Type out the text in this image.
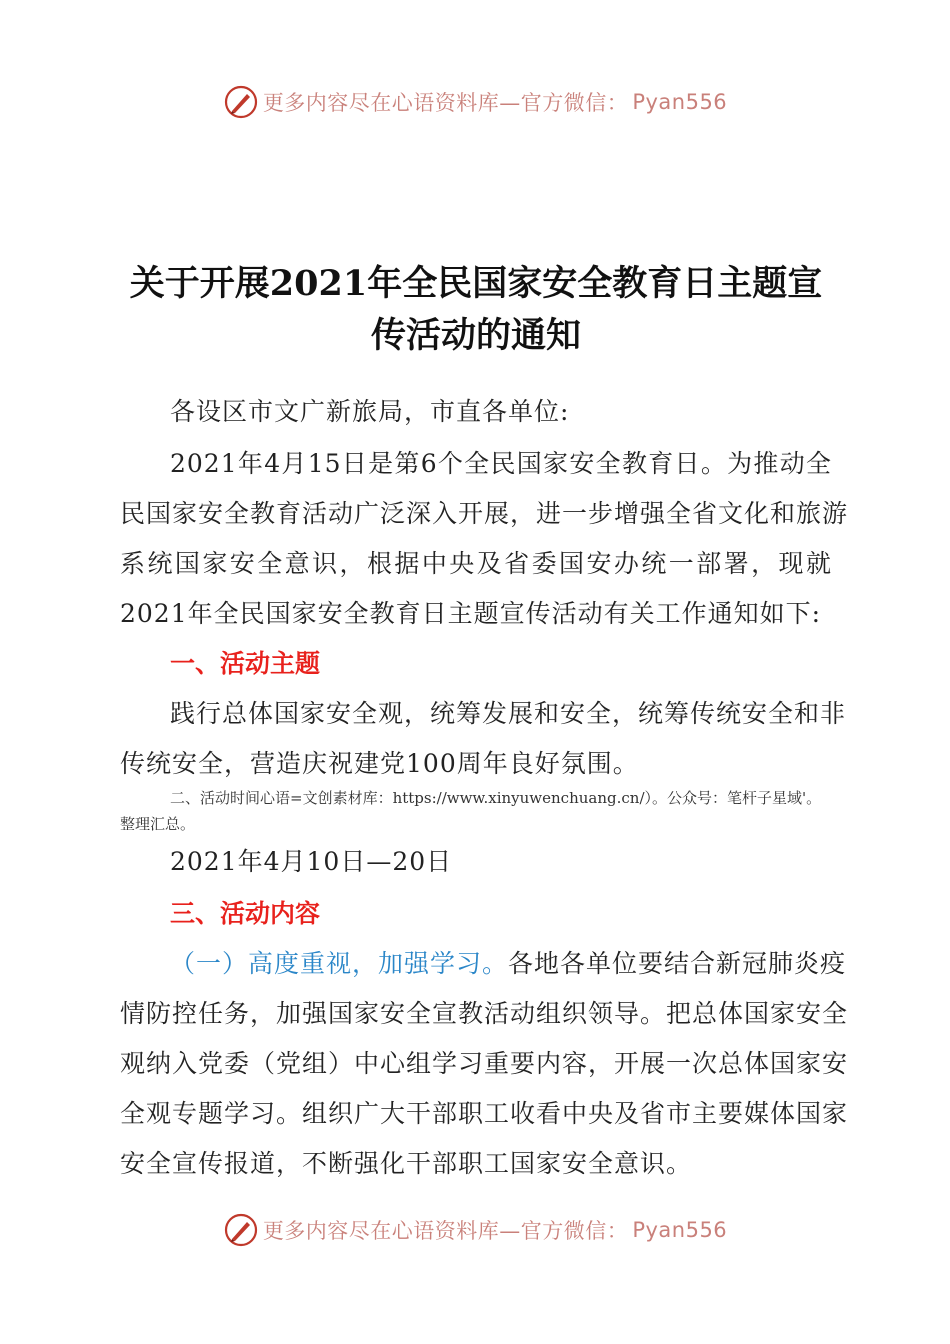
更多内容尽在心语资料库—官方微信： Pyan556
关于开展2021年全民国家安全教育日主题宣
传活动的通知
各设区市文广新旅局，市直各单位:
2021年4月15日是第6个全民国家安全教育日。为推动全
民国家安全教育活动广泛深入开展，进一步增强全省文化和旅游
系统国家安全意识，根据中央及省委国安办统一部署，现就
2021年全民国家安全教育日主题宣传活动有关工作通知如下:
一、活动主题
践行总体国家安全观，统筹发展和安全，统筹传统安全和非
传统安全，营造庆祝建党100周年良好氛围。
二、活动时间心语=文创素材库：https://www.xinyuwenchuang.cn/）。公众号：笔杆子星域'。
整理汇总。
2021年4月10日—20日
三、活动内容
（一）高度重视，加强学习。各地各单位要结合新冠肺炎疫
情防控任务，加强国家安全宣教活动组织领导。把总体国家安全
观纳入党委（党组）中心组学习重要内容，开展一次总体国家安
全观专题学习。组织广大干部职工收看中央及省市主要媒体国家
安全宣传报道，不断强化干部职工国家安全意识。
更多内容尽在心语资料库—官方微信： Pyan556
